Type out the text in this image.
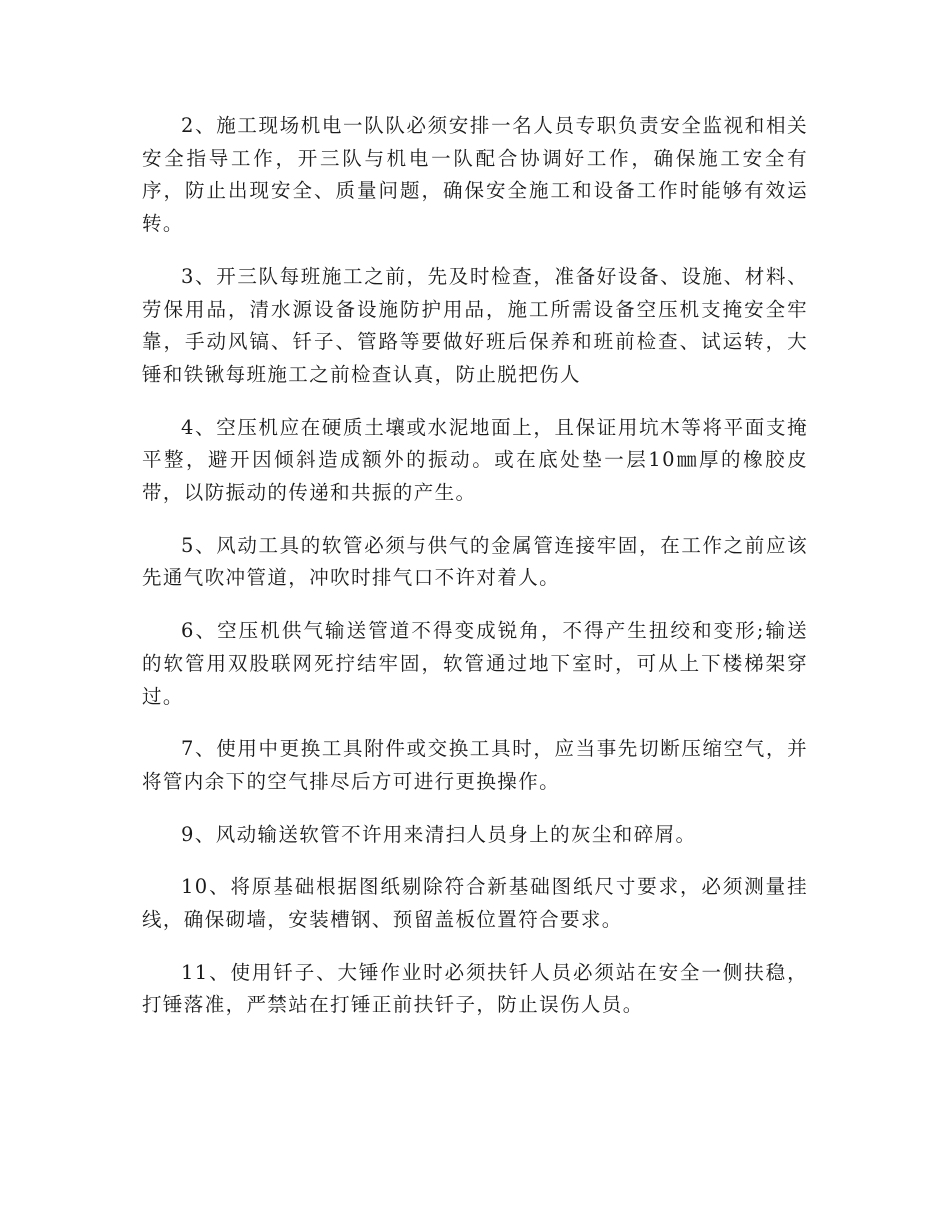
2、施工现场机电一队队必须安排一名人员专职负责安全监视和相关安全指导工作，开三队与机电一队配合协调好工作，确保施工安全有序，防止出现安全、质量问题，确保安全施工和设备工作时能够有效运转。

3、开三队每班施工之前，先及时检查，准备好设备、设施、材料、劳保用品，清水源设备设施防护用品，施工所需设备空压机支掩安全牢靠，手动风镐、钎子、管路等要做好班后保养和班前检查、试运转，大锤和铁锹每班施工之前检查认真，防止脱把伤人

4、空压机应在硬质土壤或水泥地面上，且保证用坑木等将平面支掩平整，避开因倾斜造成额外的振动。或在底处垫一层10㎜厚的橡胶皮带，以防振动的传递和共振的产生。

5、风动工具的软管必须与供气的金属管连接牢固，在工作之前应该先通气吹冲管道，冲吹时排气口不许对着人。

6、空压机供气输送管道不得变成锐角，不得产生扭绞和变形;输送的软管用双股联网死拧结牢固，软管通过地下室时，可从上下楼梯架穿过。

7、使用中更换工具附件或交换工具时，应当事先切断压缩空气，并将管内余下的空气排尽后方可进行更换操作。

9、风动输送软管不许用来清扫人员身上的灰尘和碎屑。

10、将原基础根据图纸剔除符合新基础图纸尺寸要求，必须测量挂线，确保砌墙，安装槽钢、预留盖板位置符合要求。

11、使用钎子、大锤作业时必须扶钎人员必须站在安全一侧扶稳，打锤落准，严禁站在打锤正前扶钎子，防止误伤人员。
